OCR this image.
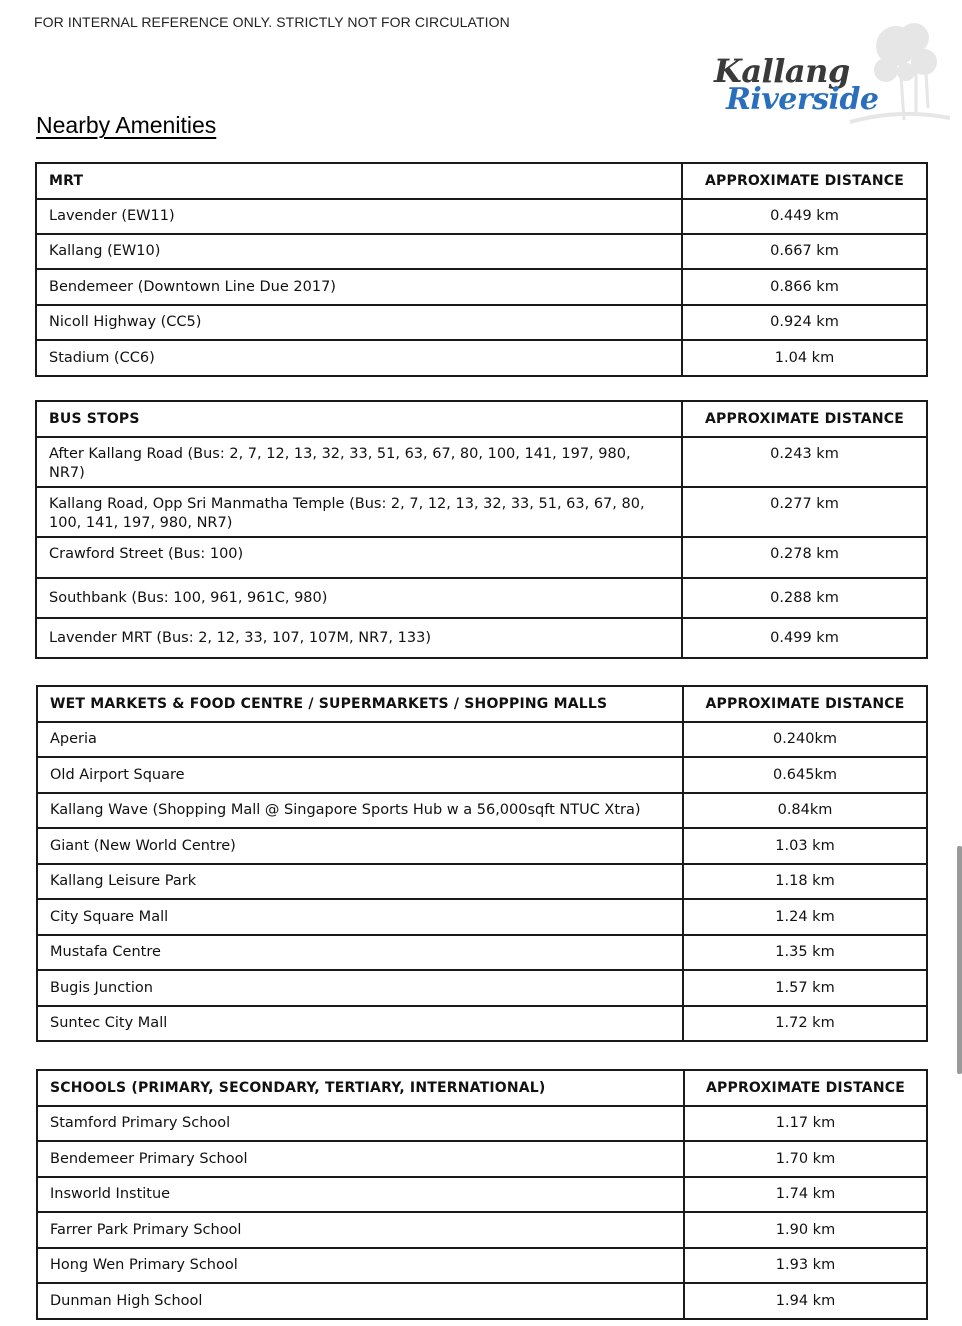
FOR INTERNAL REFERENCE ONLY. STRICTLY NOT FOR CIRCULATION
Kallang
Riverside
Nearby Amenities
MRT	APPROXIMATE DISTANCE
Lavender (EW11)	0.449 km
Kallang (EW10)	0.667 km
Bendemeer (Downtown Line Due 2017)	0.866 km
Nicoll Highway (CC5)	0.924 km
Stadium (CC6)	1.04 km
BUS STOPS	APPROXIMATE DISTANCE
After Kallang Road (Bus: 2, 7, 12, 13, 32, 33, 51, 63, 67, 80, 100, 141, 197, 980, NR7)	0.243 km
Kallang Road, Opp Sri Manmatha Temple (Bus: 2, 7, 12, 13, 32, 33, 51, 63, 67, 80, 100, 141, 197, 980, NR7)	0.277 km
Crawford Street (Bus: 100)	0.278 km
Southbank (Bus: 100, 961, 961C, 980)	0.288 km
Lavender MRT (Bus: 2, 12, 33, 107, 107M, NR7, 133)	0.499 km
WET MARKETS & FOOD CENTRE / SUPERMARKETS / SHOPPING MALLS	APPROXIMATE DISTANCE
Aperia	0.240km
Old Airport Square	0.645km
Kallang Wave (Shopping Mall @ Singapore Sports Hub w a 56,000sqft NTUC Xtra)	0.84km
Giant (New World Centre)	1.03 km
Kallang Leisure Park	1.18 km
City Square Mall	1.24 km
Mustafa Centre	1.35 km
Bugis Junction	1.57 km
Suntec City Mall	1.72 km
SCHOOLS (PRIMARY, SECONDARY, TERTIARY, INTERNATIONAL)	APPROXIMATE DISTANCE
Stamford Primary School	1.17 km
Bendemeer Primary School	1.70 km
Insworld Institue	1.74 km
Farrer Park Primary School	1.90 km
Hong Wen Primary School	1.93 km
Dunman High School	1.94 km
